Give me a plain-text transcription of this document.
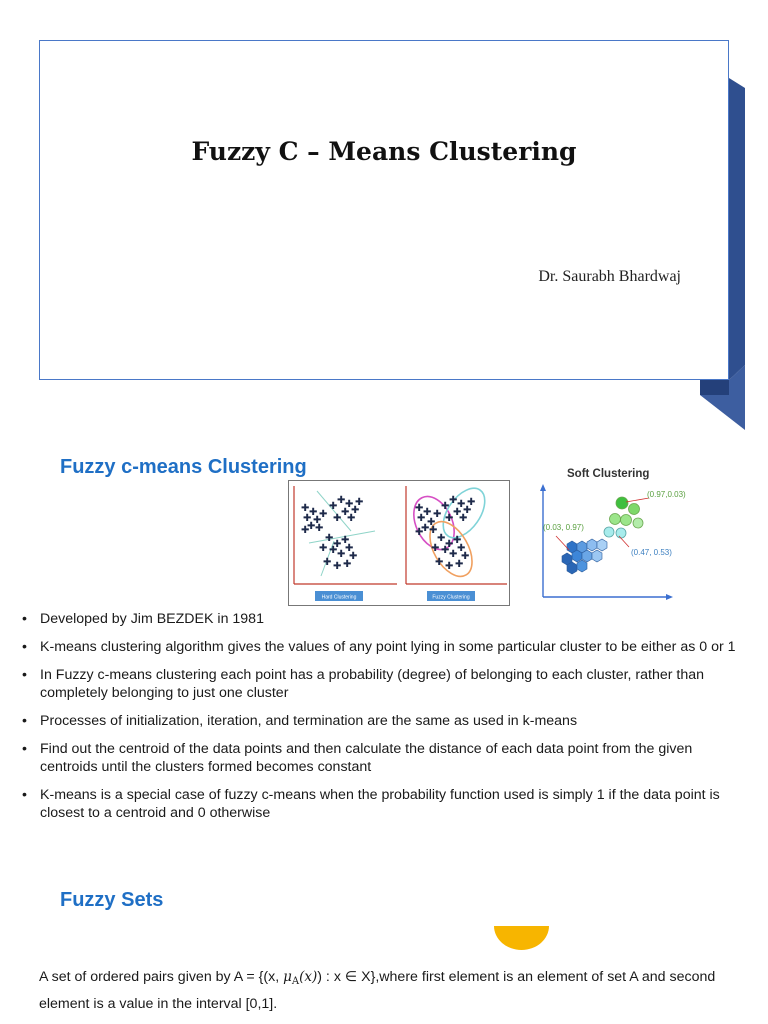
Fuzzy C – Means Clustering

Dr. Saurabh Bhardwaj

Fuzzy c-means Clustering
✚ ✚
✚ ✚
✚
✚ ✚
✚
✚ ✚
✚
✚
✚ ✚
✚
✚
✚
✚ ✚
✚ ✚
✚
✚
✚ ✚ ✚
✚
✚ ✚
✚ ✚
✚
✚ ✚
✚
✚ ✚
✚
✚
✚ ✚
✚
✚
✚
✚ ✚
✚ ✚
✚
✚
✚ ✚ ✚
✚
Hard Clustering	Fuzzy Clustering
Soft Clustering
(0.97,0.03)
(0.03, 0.97)
(0.47, 0.53)
• Developed by Jim BEZDEK in 1981
• K-means clustering algorithm gives the values of any point lying in some particular cluster to be either as 0 or 1
• In Fuzzy c-means clustering each point has a probability (degree) of belonging to each cluster, rather than completely belonging to just one cluster
• Processes of initialization, iteration, and termination are the same as used in k-means
• Find out the centroid of the data points and then calculate the distance of each data point from the given centroids until the clusters formed becomes constant
• K-means is a special case of fuzzy c-means when the probability function used is simply 1 if the data point is closest to a centroid and 0 otherwise
Fuzzy Sets

A set of ordered pairs given by A = {(x, $\mu_A(x)$) : x ∈ X},where first element is an element of set A and second element is a value in the interval [0,1].
